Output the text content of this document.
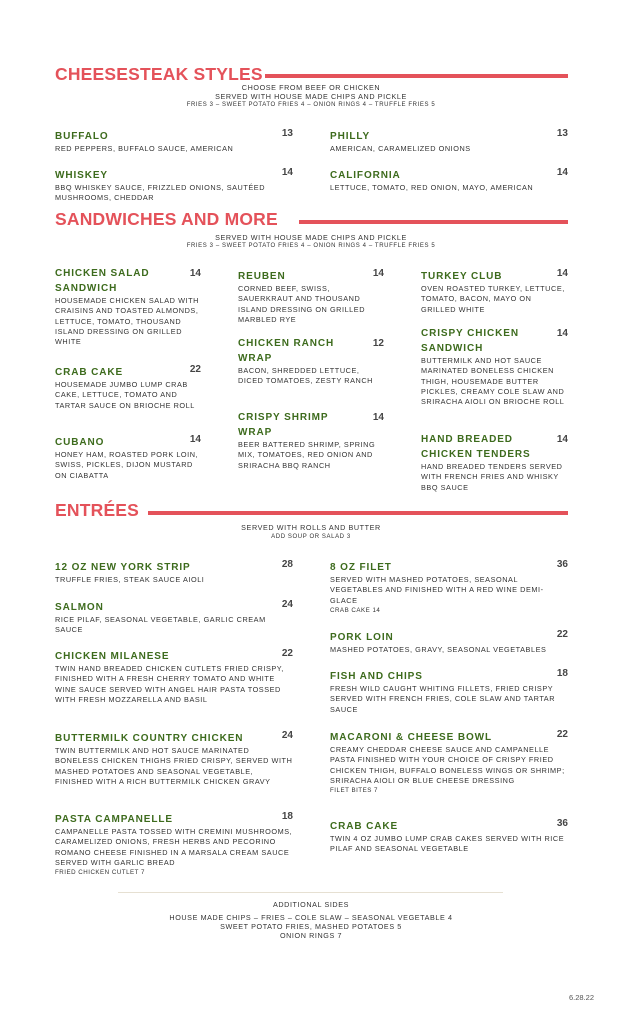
CHEESESTEAK STYLES
CHOOSE FROM BEEF OR CHICKEN
SERVED WITH HOUSE MADE CHIPS AND PICKLE
FRIES 3 – SWEET POTATO FRIES 4 – ONION RINGS 4 – TRUFFLE FRIES 5
BUFFALO	13
RED PEPPERS, BUFFALO SAUCE, AMERICAN
PHILLY	13
AMERICAN, CARAMELIZED ONIONS
WHISKEY	14
BBQ WHISKEY SAUCE, FRIZZLED ONIONS, SAUTÉED MUSHROOMS, CHEDDAR
CALIFORNIA	14
LETTUCE, TOMATO, RED ONION, MAYO, AMERICAN
SANDWICHES AND MORE
SERVED WITH HOUSE MADE CHIPS AND PICKLE
FRIES 3 – SWEET POTATO FRIES 4 – ONION RINGS 4 – TRUFFLE FRIES 5
CHICKEN SALAD SANDWICH
14
HOUSEMADE CHICKEN SALAD WITH CRAISINS AND TOASTED ALMONDS, LETTUCE, TOMATO, THOUSAND ISLAND DRESSING ON GRILLED WHITE
CRAB CAKE	22
HOUSEMADE JUMBO LUMP CRAB CAKE, LETTUCE, TOMATO AND TARTAR SAUCE ON BRIOCHE ROLL
CUBANO	14
HONEY HAM, ROASTED PORK LOIN, SWISS, PICKLES, DIJON MUSTARD ON CIABATTA
REUBEN	14
CORNED BEEF, SWISS, SAUERKRAUT AND THOUSAND ISLAND DRESSING ON GRILLED MARBLED RYE
CHICKEN RANCH WRAP
12
BACON, SHREDDED LETTUCE, DICED TOMATOES, ZESTY RANCH
CRISPY SHRIMP WRAP
14
BEER BATTERED SHRIMP, SPRING MIX, TOMATOES, RED ONION AND SRIRACHA BBQ RANCH
TURKEY CLUB	14
OVEN ROASTED TURKEY, LETTUCE, TOMATO, BACON, MAYO ON GRILLED WHITE
CRISPY CHICKEN SANDWICH
14
BUTTERMILK AND HOT SAUCE MARINATED BONELESS CHICKEN THIGH, HOUSEMADE BUTTER PICKLES, CREAMY COLE SLAW AND SRIRACHA AIOLI ON BRIOCHE ROLL
HAND BREADED CHICKEN TENDERS
14
HAND BREADED TENDERS SERVED WITH FRENCH FRIES AND WHISKY BBQ SAUCE
ENTRÉES
SERVED WITH ROLLS AND BUTTER
ADD SOUP OR SALAD 3
12 OZ NEW YORK STRIP	28
TRUFFLE FRIES, STEAK SAUCE AIOLI
SALMON	24
RICE PILAF, SEASONAL VEGETABLE, GARLIC CREAM SAUCE
CHICKEN MILANESE	22
TWIN HAND BREADED CHICKEN CUTLETS FRIED CRISPY, FINISHED WITH A FRESH CHERRY TOMATO AND WHITE WINE SAUCE SERVED WITH ANGEL HAIR PASTA TOSSED WITH FRESH MOZZARELLA AND BASIL
BUTTERMILK COUNTRY CHICKEN	24
TWIN BUTTERMILK AND HOT SAUCE MARINATED BONELESS CHICKEN THIGHS FRIED CRISPY, SERVED WITH MASHED POTATOES AND SEASONAL VEGETABLE, FINISHED WITH A RICH BUTTERMILK CHICKEN GRAVY
PASTA CAMPANELLE	18
CAMPANELLE PASTA TOSSED WITH CREMINI MUSHROOMS, CARAMELIZED ONIONS, FRESH HERBS AND PECORINO ROMANO CHEESE FINISHED IN A MARSALA CREAM SAUCE SERVED WITH GARLIC BREAD
FRIED CHICKEN CUTLET 7
8 OZ FILET	36
SERVED WITH MASHED POTATOES, SEASONAL VEGETABLES AND FINISHED WITH A RED WINE DEMI-GLACE
CRAB CAKE 14
PORK LOIN	22
MASHED POTATOES, GRAVY, SEASONAL VEGETABLES
FISH AND CHIPS	18
FRESH WILD CAUGHT WHITING FILLETS, FRIED CRISPY SERVED WITH FRENCH FRIES, COLE SLAW AND TARTAR SAUCE
MACARONI & CHEESE BOWL	22
CREAMY CHEDDAR CHEESE SAUCE AND CAMPANELLE PASTA FINISHED WITH YOUR CHOICE OF CRISPY FRIED CHICKEN THIGH, BUFFALO BONELESS WINGS OR SHRIMP; SRIRACHA AIOLI OR BLUE CHEESE DRESSING
FILET BITES 7
CRAB CAKE	36
TWIN 4 OZ JUMBO LUMP CRAB CAKES SERVED WITH RICE PILAF AND SEASONAL VEGETABLE
ADDITIONAL SIDES
HOUSE MADE CHIPS – FRIES – COLE SLAW – SEASONAL VEGETABLE 4
SWEET POTATO FRIES, MASHED POTATOES 5
ONION RINGS 7
6.28.22
